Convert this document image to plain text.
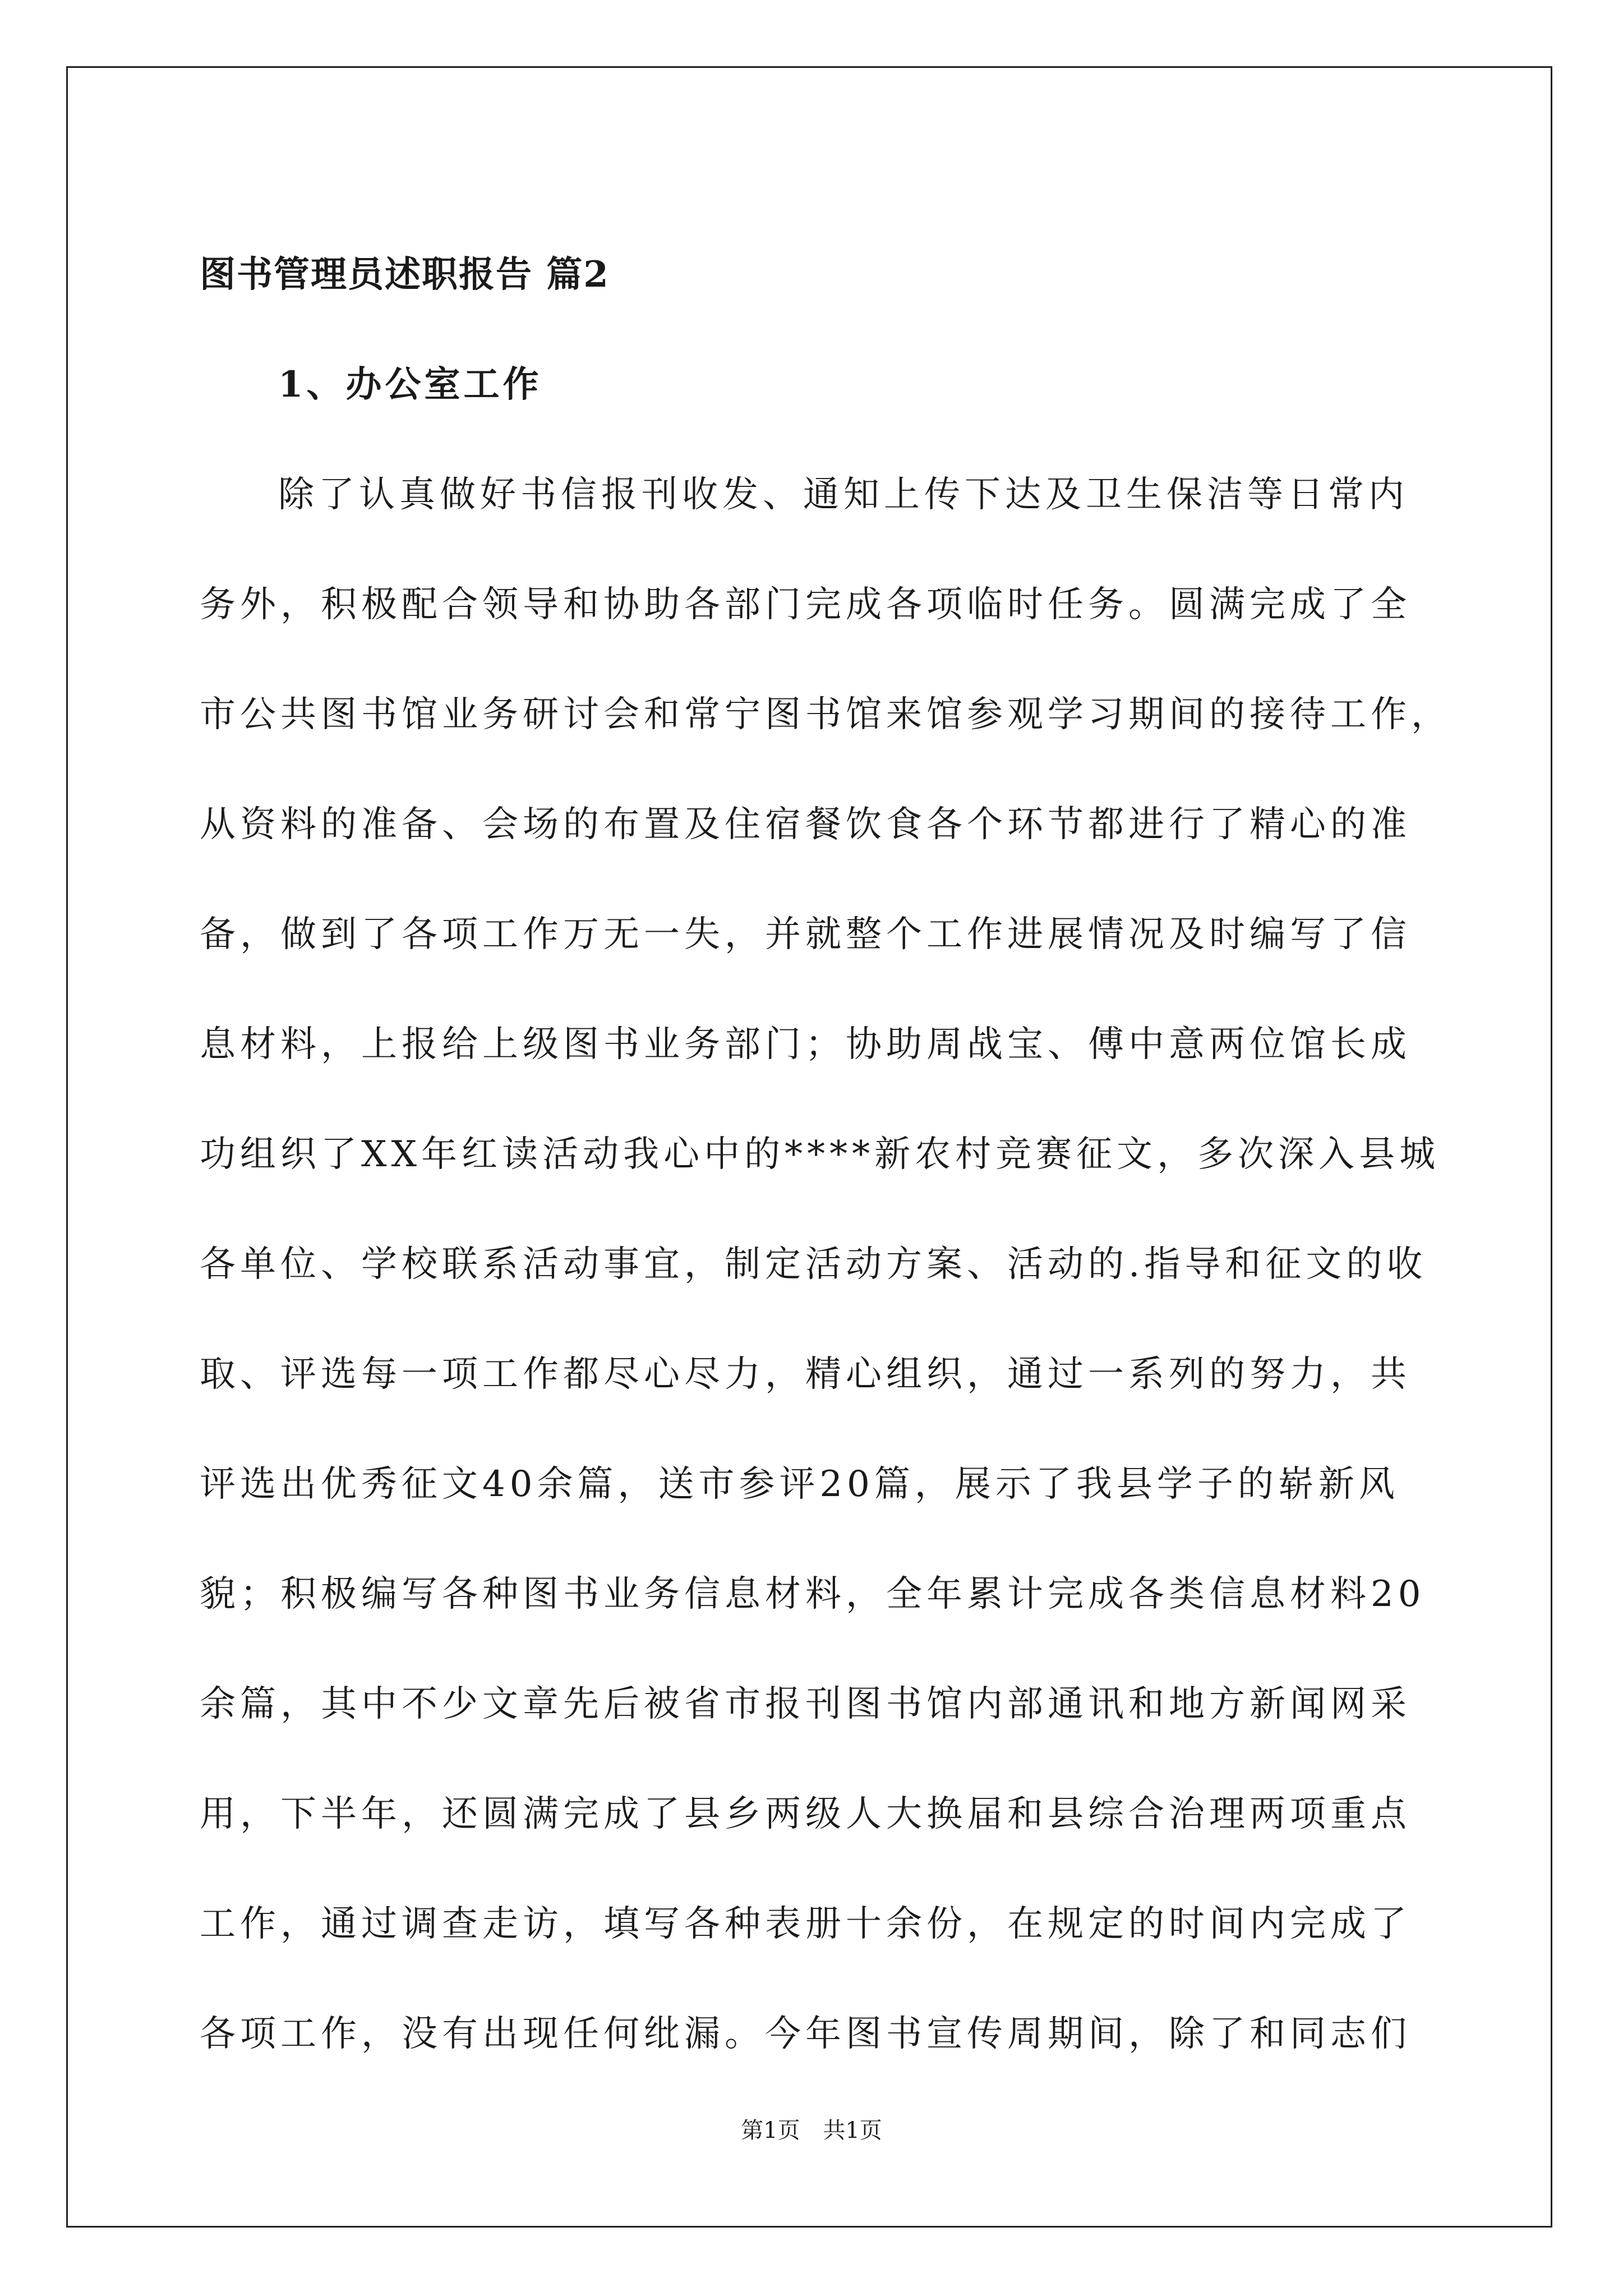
图书管理员述职报告 篇2
1、办公室工作

除了认真做好书信报刊收发、通知上传下达及卫生保洁等日常内
务外，积极配合领导和协助各部门完成各项临时任务。圆满完成了全
市公共图书馆业务研讨会和常宁图书馆来馆参观学习期间的接待工作，
从资料的准备、会场的布置及住宿餐饮食各个环节都进行了精心的准
备，做到了各项工作万无一失，并就整个工作进展情况及时编写了信
息材料，上报给上级图书业务部门；协助周战宝、傅中意两位馆长成
功组织了XX年红读活动我心中的****新农村竞赛征文，多次深入县城
各单位、学校联系活动事宜，制定活动方案、活动的.指导和征文的收
取、评选每一项工作都尽心尽力，精心组织，通过一系列的努力，共
评选出优秀征文40余篇，送市参评20篇，展示了我县学子的崭新风
貌；积极编写各种图书业务信息材料，全年累计完成各类信息材料20
余篇，其中不少文章先后被省市报刊图书馆内部通讯和地方新闻网采
用，下半年，还圆满完成了县乡两级人大换届和县综合治理两项重点
工作，通过调查走访，填写各种表册十余份，在规定的时间内完成了
各项工作，没有出现任何纰漏。今年图书宣传周期间，除了和同志们

第1页 共1页
